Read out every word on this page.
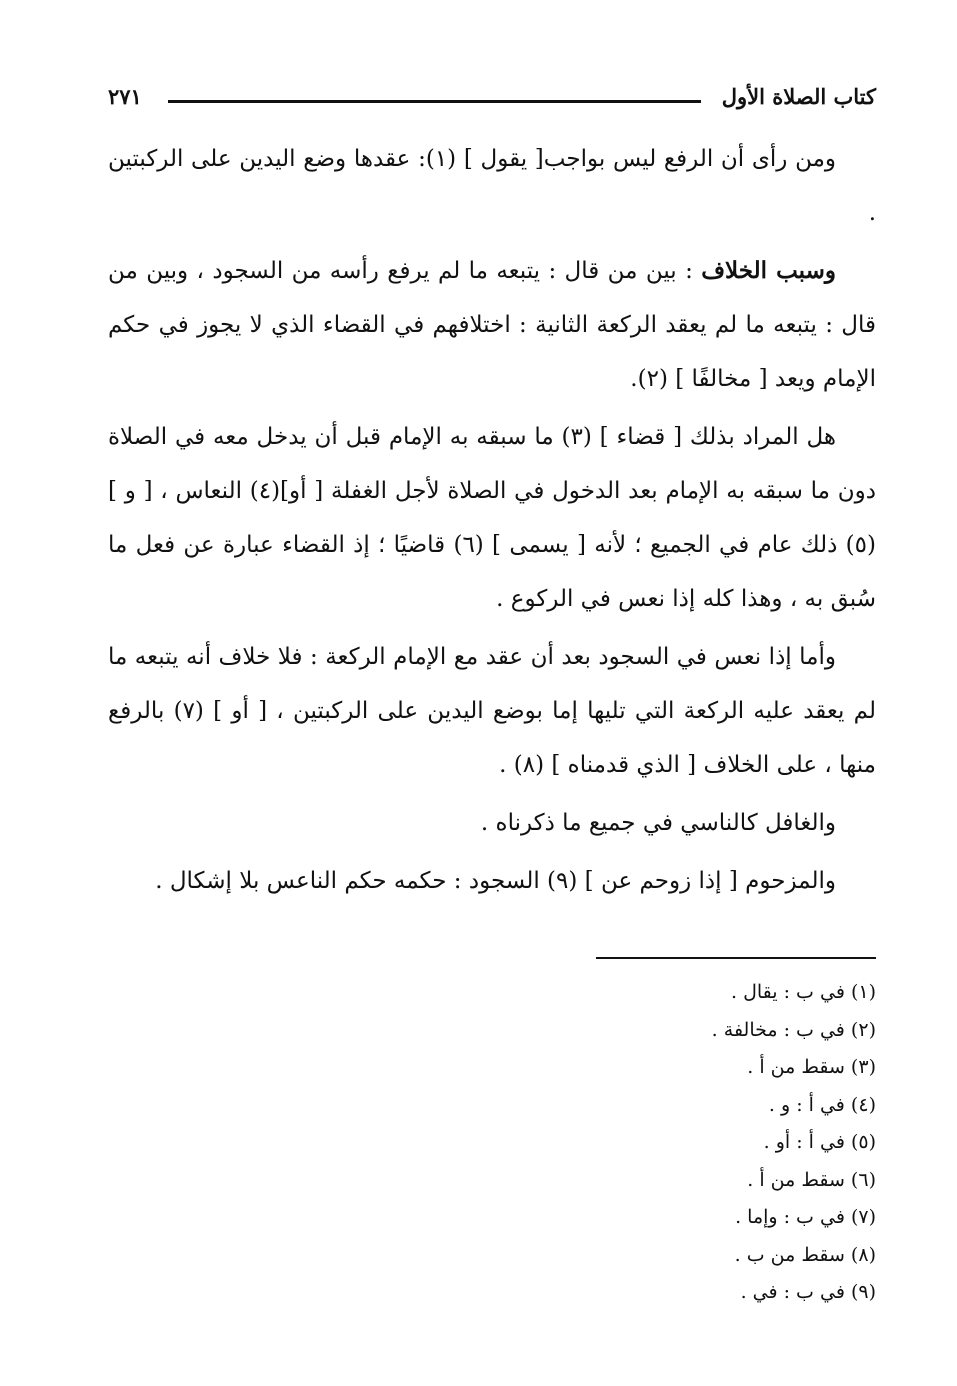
كتاب الصلاة الأول
٢٧١

ومن رأى أن الرفع ليس بواجب[ يقول ] (١): عقدها وضع اليدين على الركبتين .

وسبب الخلاف : بين من قال : يتبعه ما لم يرفع رأسه من السجود ، وبين من قال : يتبعه ما لم يعقد الركعة الثانية : اختلافهم في القضاء الذي لا يجوز في حكم الإمام ويعد [ مخالفًا ] (٢).

هل المراد بذلك [ قضاء ] (٣) ما سبقه به الإمام قبل أن يدخل معه في الصلاة دون ما سبقه به الإمام بعد الدخول في الصلاة لأجل الغفلة [ أو](٤) النعاس ، [ و ] (٥) ذلك عام في الجميع ؛ لأنه [ يسمى ] (٦) قاضيًا ؛ إذ القضاء عبارة عن فعل ما سُبق به ، وهذا كله إذا نعس في الركوع .

وأما إذا نعس في السجود بعد أن عقد مع الإمام الركعة : فلا خلاف أنه يتبعه ما لم يعقد عليه الركعة التي تليها إما بوضع اليدين على الركبتين ، [ أو ] (٧) بالرفع منها ، على الخلاف [ الذي قدمناه ] (٨) .

والغافل كالناسي في جميع ما ذكرناه .

والمزحوم [ إذا زوحم عن ] (٩) السجود : حكمه حكم الناعس بلا إشكال .

(١) في ب : يقال .
(٢) في ب : مخالفة .
(٣) سقط من أ .
(٤) في أ : و .
(٥) في أ : أو .
(٦) سقط من أ .
(٧) في ب : وإما .
(٨) سقط من ب .
(٩) في ب : في .
